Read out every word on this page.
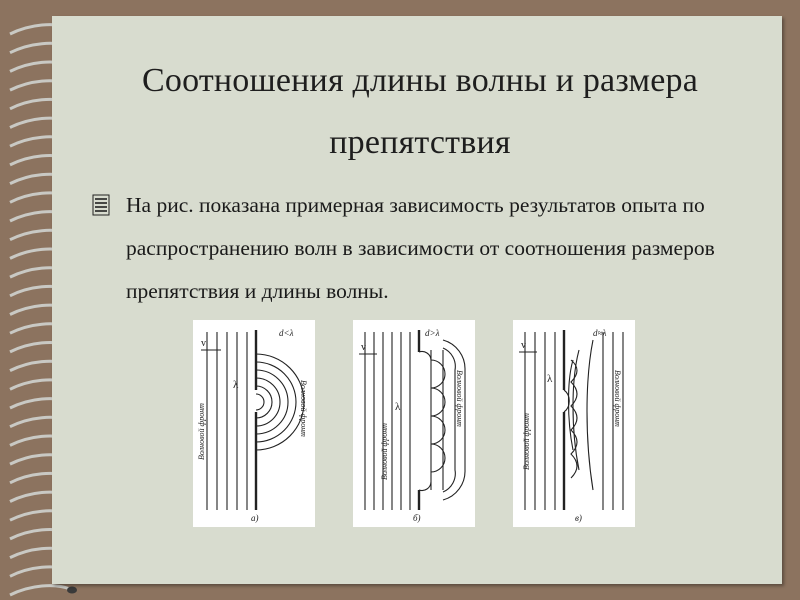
Соотношения длины волны и размера
препятствия
На рис. показана примерная зависимость результатов опыта по распространению волн в зависимости от соотношения размеров препятствия и длины волны.
v
d<λ
λ
Волновой фронт	Волновой фронт
а)
v
d>λ
λ
Волновой фронт
Волновой фронт
б)
v
d≈λ
λ
Волновой фронт
Волновой фронт
в)
